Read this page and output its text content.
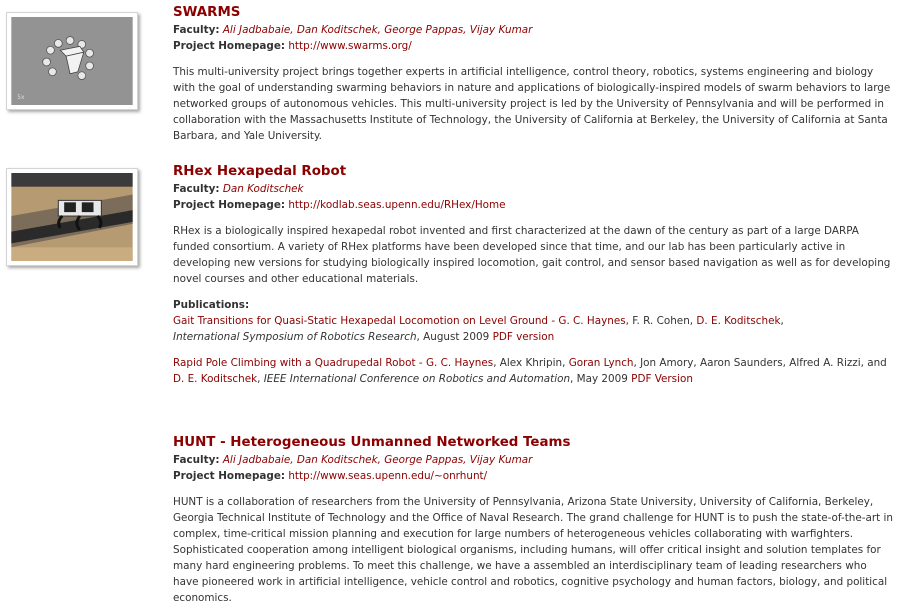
5x
SWARMS

Faculty: Ali Jadbabaie, Dan Koditschek, George Pappas, Vijay Kumar

Project Homepage: http://www.swarms.org/

This multi-university project brings together experts in artificial intelligence, control theory, robotics, systems engineering and biology with the goal of understanding swarming behaviors in nature and applications of biologically-inspired models of swarm behaviors to large networked groups of autonomous vehicles. This multi-university project is led by the University of Pennsylvania and will be performed in collaboration with the Massachusetts Institute of Technology, the University of California at Berkeley, the University of California at Santa Barbara, and Yale University.

RHex Hexapedal Robot

Faculty: Dan Koditschek

Project Homepage: http://kodlab.seas.upenn.edu/RHex/Home

RHex is a biologically inspired hexapedal robot invented and first characterized at the dawn of the century as part of a large DARPA funded consortium. A variety of RHex platforms have been developed since that time, and our lab has been particularly active in developing new versions for studying biologically inspired locomotion, gait control, and sensor based navigation as well as for developing novel courses and other educational materials.

Publications:

Gait Transitions for Quasi-Static Hexapedal Locomotion on Level Ground - G. C. Haynes, F. R. Cohen, D. E. Koditschek,
International Symposium of Robotics Research, August 2009 PDF version

Rapid Pole Climbing with a Quadrupedal Robot - G. C. Haynes, Alex Khripin, Goran Lynch, Jon Amory, Aaron Saunders, Alfred A. Rizzi, and D. E. Koditschek, IEEE International Conference on Robotics and Automation, May 2009 PDF Version

HUNT - Heterogeneous Unmanned Networked Teams

Faculty: Ali Jadbabaie, Dan Koditschek, George Pappas, Vijay Kumar

Project Homepage: http://www.seas.upenn.edu/~onrhunt/

HUNT is a collaboration of researchers from the University of Pennsylvania, Arizona State University, University of California, Berkeley, Georgia Technical Institute of Technology and the Office of Naval Research. The grand challenge for HUNT is to push the state-of-the-art in complex, time-critical mission planning and execution for large numbers of heterogeneous vehicles collaborating with warfighters. Sophisticated cooperation among intelligent biological organisms, including humans, will offer critical insight and solution templates for many hard engineering problems. To meet this challenge, we have a assembled an interdisciplinary team of leading researchers who have pioneered work in artificial intelligence, vehicle control and robotics, cognitive psychology and human factors, biology, and political economics.
